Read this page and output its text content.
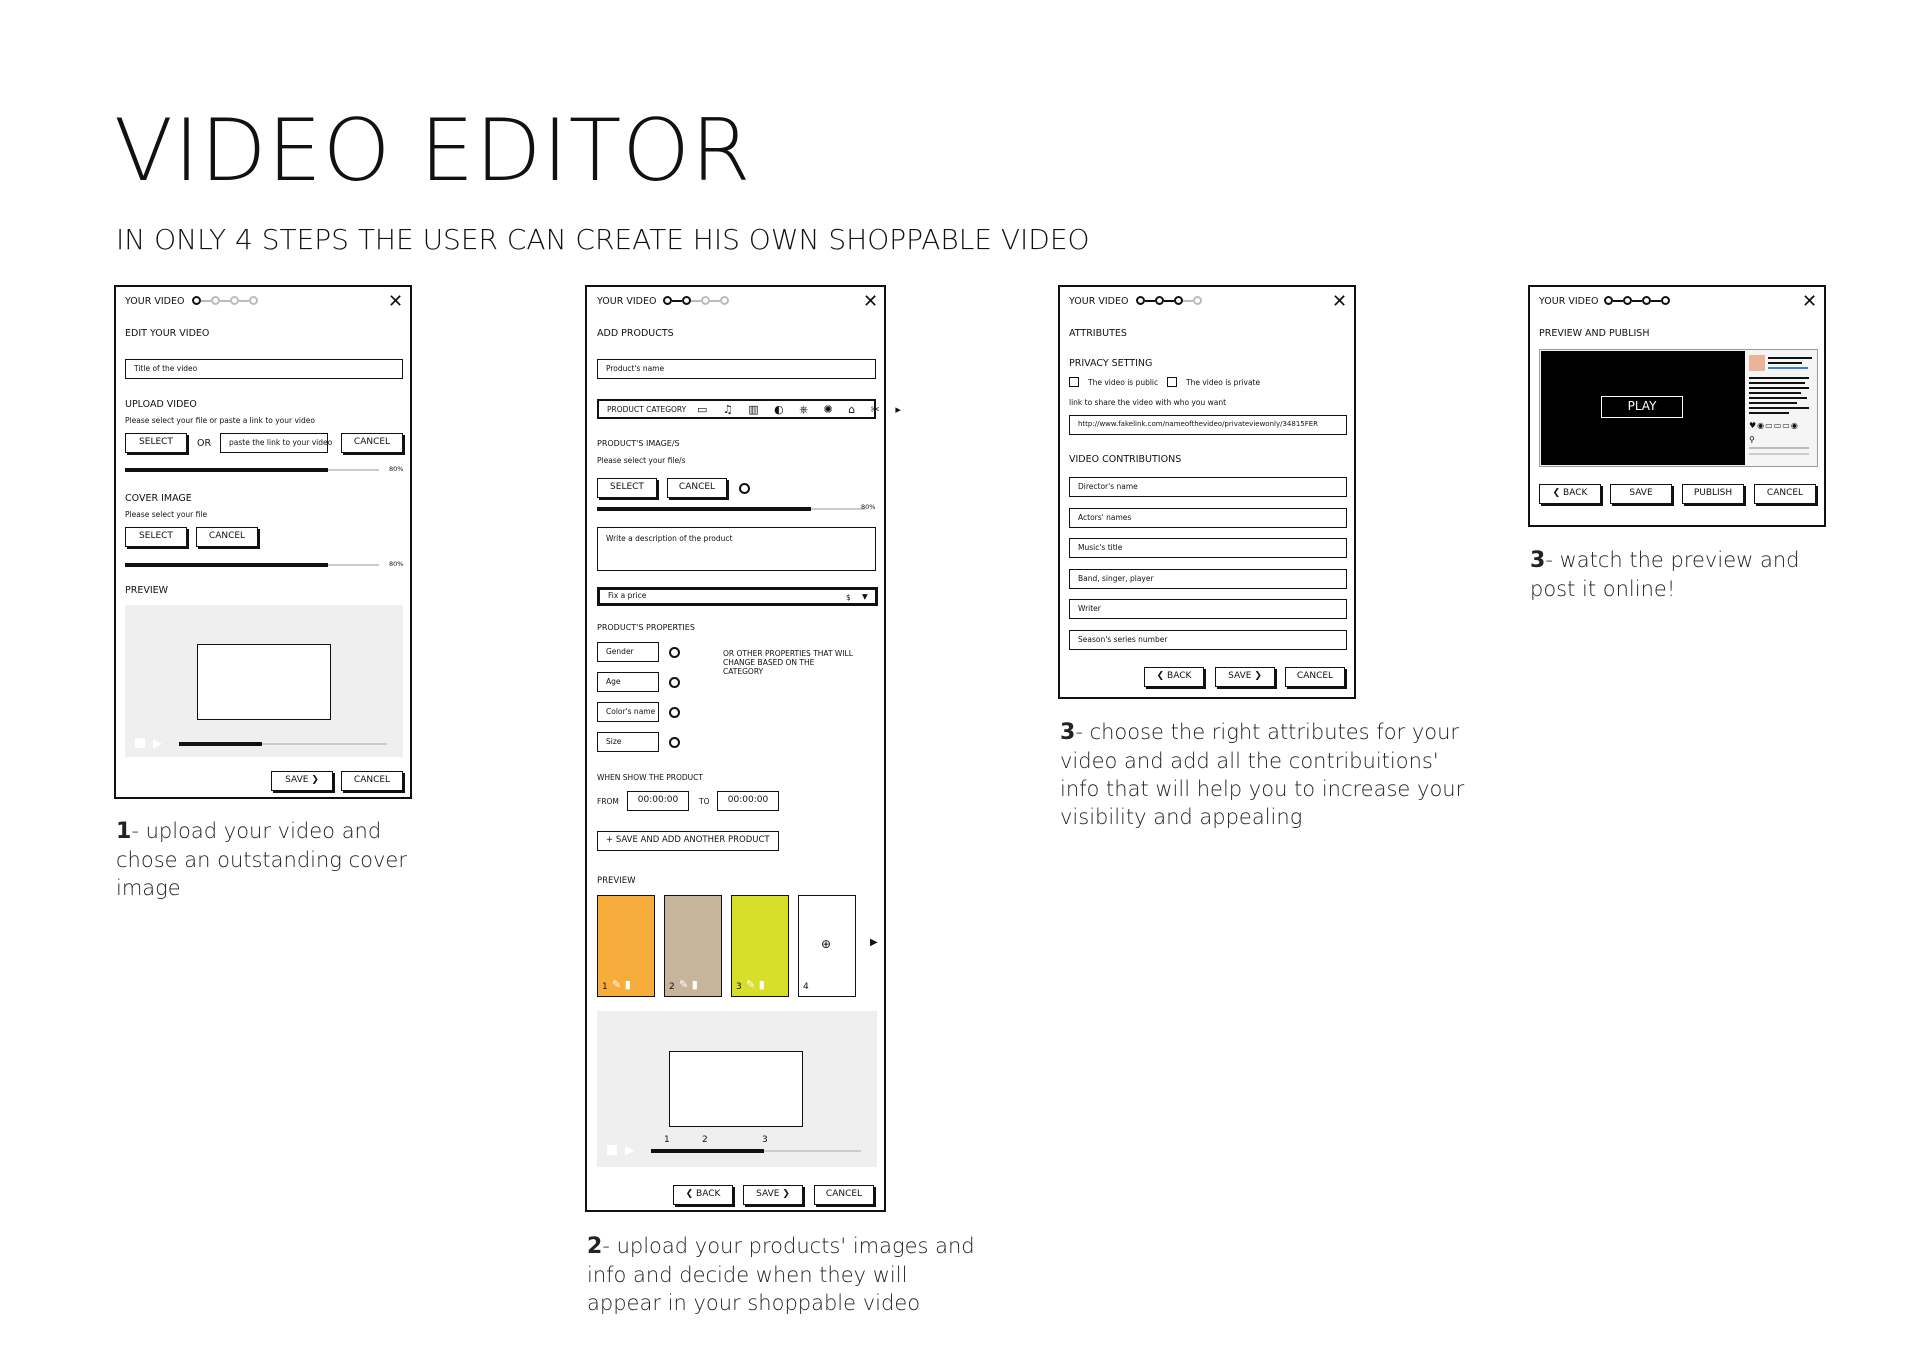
VIDEO EDITOR
IN ONLY 4 STEPS THE USER CAN CREATE HIS OWN SHOPPABLE VIDEO
YOUR VIDEO	✕
EDIT YOUR VIDEO
Title of the video
UPLOAD VIDEO
Please select your file or paste a link to your video
SELECT	OR	paste the link to your video	CANCEL
80%
COVER IMAGE
Please select your file
SELECT	CANCEL
80%
PREVIEW
▶
SAVE ❯	CANCEL
1- upload your video and chose an outstanding cover image
YOUR VIDEO	✕
ADD PRODUCTS
Product's name
PRODUCT CATEGORY ▭ ♫ ▥ ◐ ⎈ ✺ ⌂ ✂ ▸
PRODUCT'S IMAGE/S
Please select your file/s
SELECT	CANCEL
80%
Write a description of the product
Fix a price	$ ▼
PRODUCT'S PROPERTIES
Gender
Age
Color's name
Size
OR OTHER PROPERTIES THAT WILL CHANGE BASED ON THE CATEGORY
WHEN SHOW THE PRODUCT
FROM	00:00:00	TO	00:00:00
+ SAVE AND ADD ANOTHER PRODUCT
PREVIEW
1 ✎ ▮	2 ✎ ▮	3 ✎ ▮	4
⊕	▶
▶
1	2	3
❮ BACK	SAVE ❯	CANCEL
2- upload your products' images and info and decide when they will appear in your shoppable video
YOUR VIDEO	✕
ATTRIBUTES
PRIVACY SETTING
The video is public	The video is private
link to share the video with who you want
http://www.fakelink.com/nameofthevideo/privateviewonly/34815FER
VIDEO CONTRIBUTIONS
Director's name
Actors' names
Music's title
Band, singer, player
Writer
Season's series number
❮ BACK	SAVE ❯	CANCEL
3- choose the right attributes for your video and add all the contribuitions' info that will help you to increase your visibility and appealing
YOUR VIDEO	✕
PREVIEW AND PUBLISH
PLAY
♥◉▭▭▭◉
⚲
❮ BACK	SAVE	PUBLISH	CANCEL
3- watch the preview and post it online!
